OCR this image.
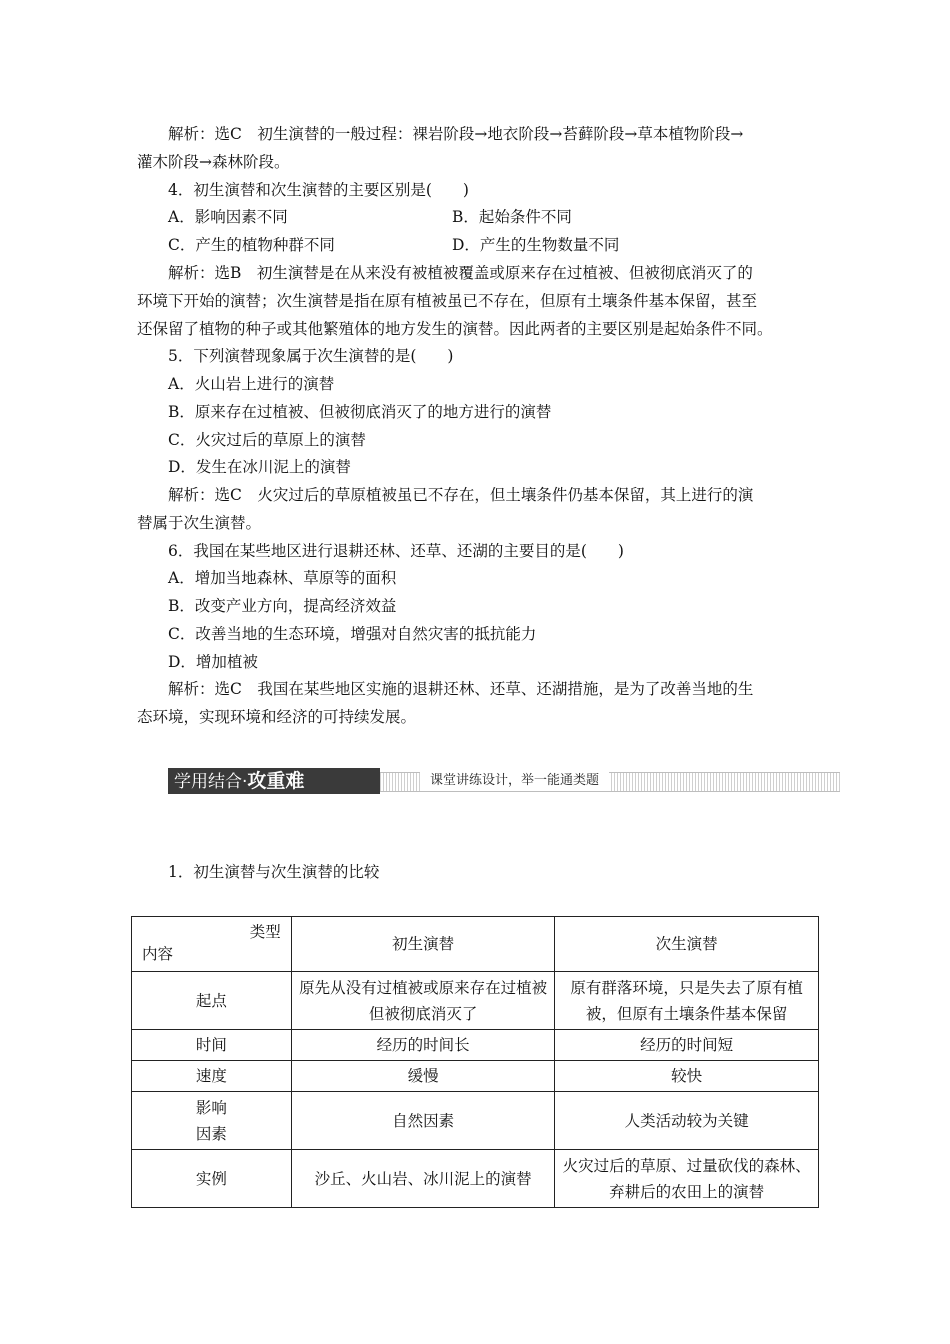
解析：选C　初生演替的一般过程：裸岩阶段→地衣阶段→苔藓阶段→草本植物阶段→
灌木阶段→森林阶段。
4．初生演替和次生演替的主要区别是(　　)
A．影响因素不同	B．起始条件不同
C．产生的植物种群不同	D．产生的生物数量不同
解析：选B　初生演替是在从来没有被植被覆盖或原来存在过植被、但被彻底消灭了的
环境下开始的演替；次生演替是指在原有植被虽已不存在，但原有土壤条件基本保留，甚至
还保留了植物的种子或其他繁殖体的地方发生的演替。因此两者的主要区别是起始条件不同。
5．下列演替现象属于次生演替的是(　　)
A．火山岩上进行的演替
B．原来存在过植被、但被彻底消灭了的地方进行的演替
C．火灾过后的草原上的演替
D．发生在冰川泥上的演替
解析：选C　火灾过后的草原植被虽已不存在，但土壤条件仍基本保留，其上进行的演
替属于次生演替。
6．我国在某些地区进行退耕还林、还草、还湖的主要目的是(　　)
A．增加当地森林、草原等的面积
B．改变产业方向，提高经济效益
C．改善当地的生态环境，增强对自然灾害的抵抗能力
D．增加植被
解析：选C　我国在某些地区实施的退耕还林、还草、还湖措施，是为了改善当地的生
态环境，实现环境和经济的可持续发展。
学用结合·攻重难	课堂讲练设计，举一能通类题
1．初生演替与次生演替的比较
类型
内容	初生演替	次生演替
起点	原先从没有过植被或原来存在过植被但被彻底消灭了	原有群落环境，只是失去了原有植被，但原有土壤条件基本保留
时间	经历的时间长	经历的时间短
速度	缓慢	较快

影响
因素	自然因素	人类活动较为关键
实例	沙丘、火山岩、冰川泥上的演替	火灾过后的草原、过量砍伐的森林、弃耕后的农田上的演替
